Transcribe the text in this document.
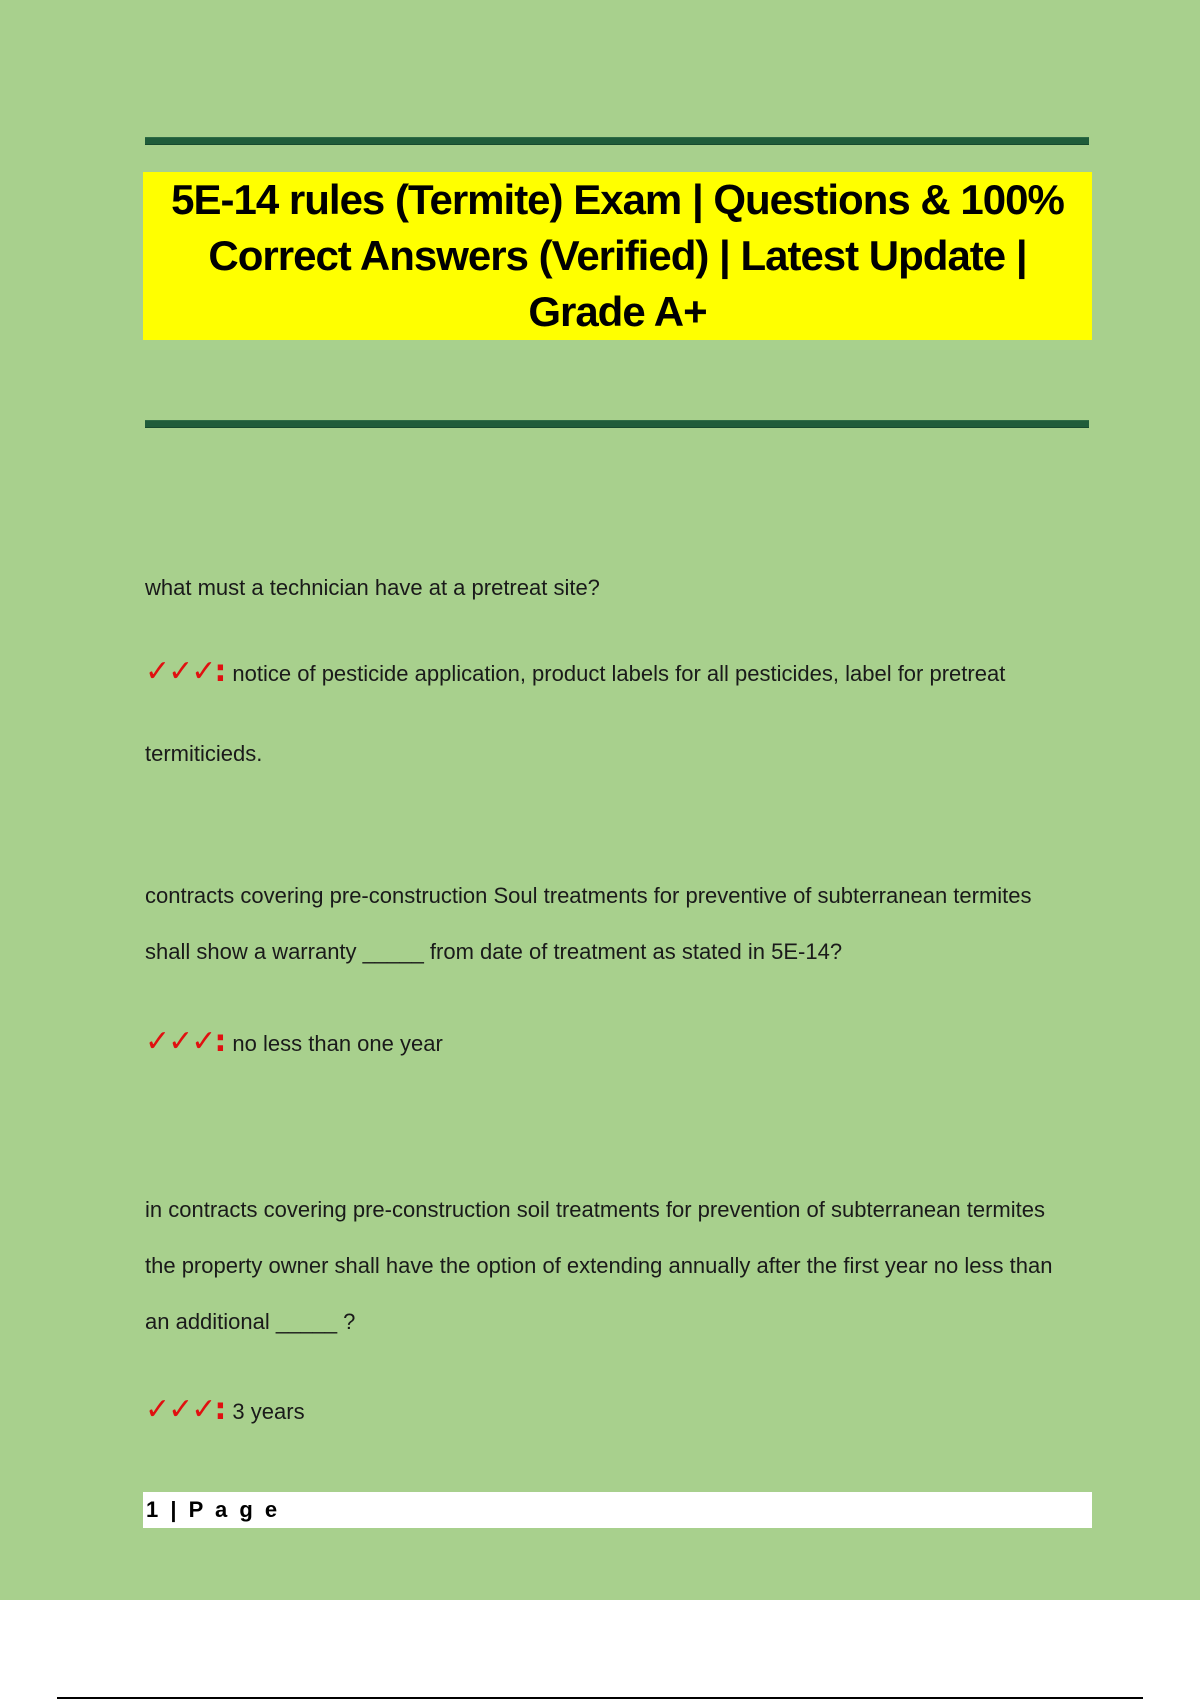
5E-14 rules (Termite) Exam | Questions & 100% Correct Answers (Verified) | Latest Update | Grade A+

what must a technician have at a pretreat site?

✓✓✓: notice of pesticide application, product labels for all pesticides, label for pretreat termiticieds.

contracts covering pre-construction Soul treatments for preventive of subterranean termites shall show a warranty _____ from date of treatment as stated in 5E-14?

✓✓✓: no less than one year

in contracts covering pre-construction soil treatments for prevention of subterranean termites the property owner shall have the option of extending annually after the first year no less than an additional _____ ?

✓✓✓: 3 years

1 | P a g e
